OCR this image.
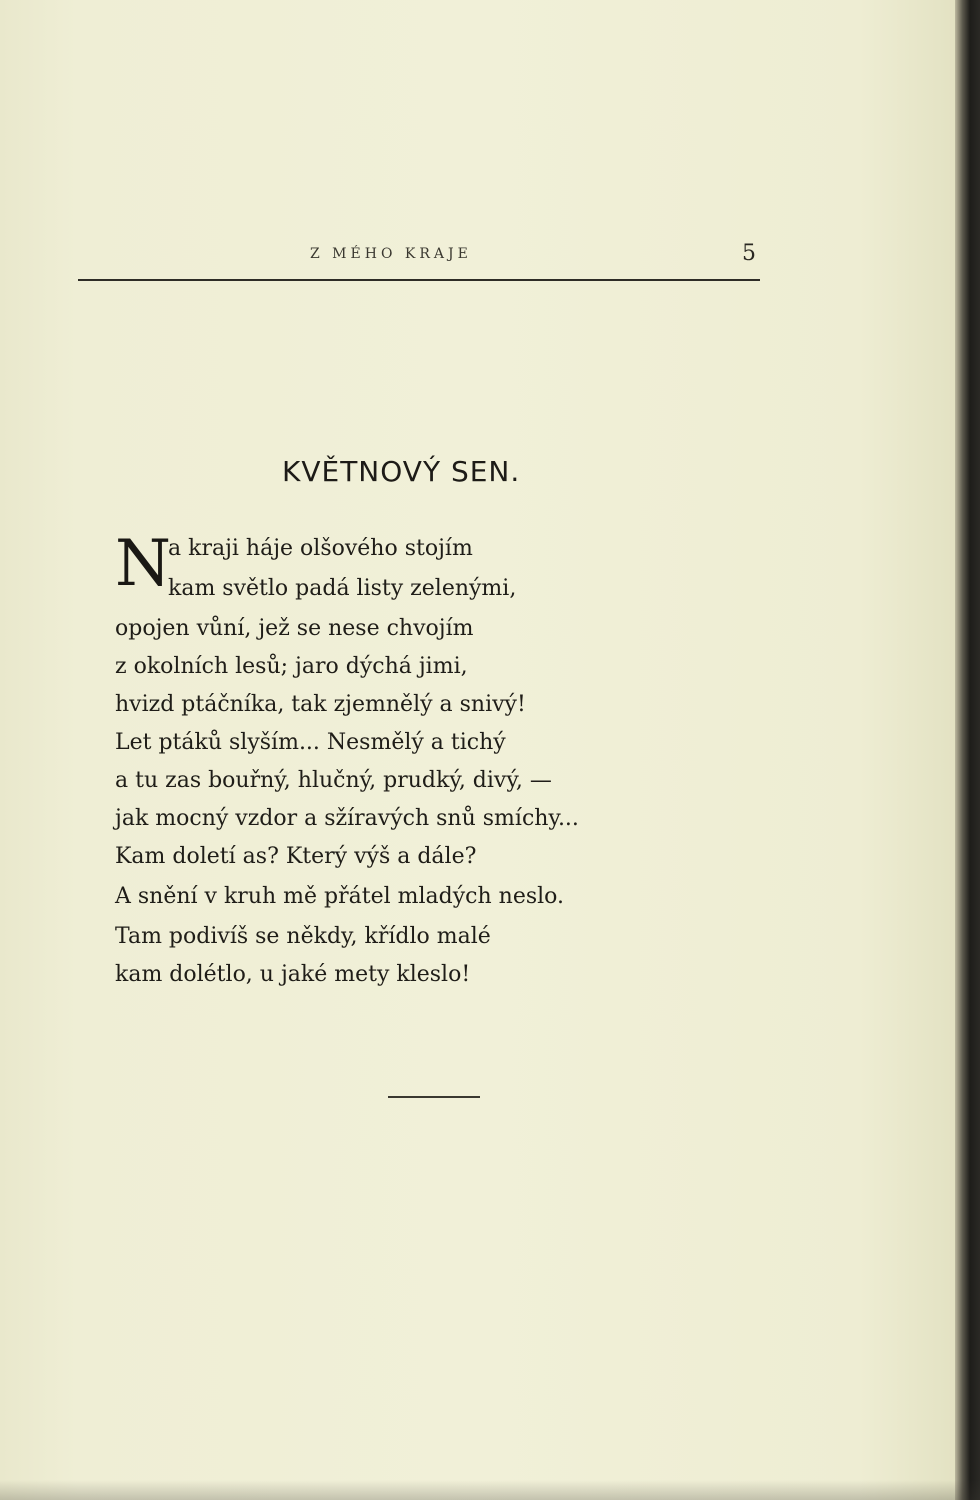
Z MÉHO KRAJE	5
KVĚTNOVÝ SEN.
N
a kraji háje olšového stojím
kam světlo padá listy zelenými,
opojen vůní, jež se nese chvojím
z okolních lesů; jaro dýchá jimi,
hvizd ptáčníka, tak zjemnělý a snivý!
Let ptáků slyším... Nesmělý a tichý
a tu zas bouřný, hlučný, prudký, divý, —
jak mocný vzdor a sžíravých snů smíchy...
Kam doletí as? Který výš a dále?
A snění v kruh mě přátel mladých neslo.
Tam podivíš se někdy, křídlo malé
kam dolétlo, u jaké mety kleslo!
